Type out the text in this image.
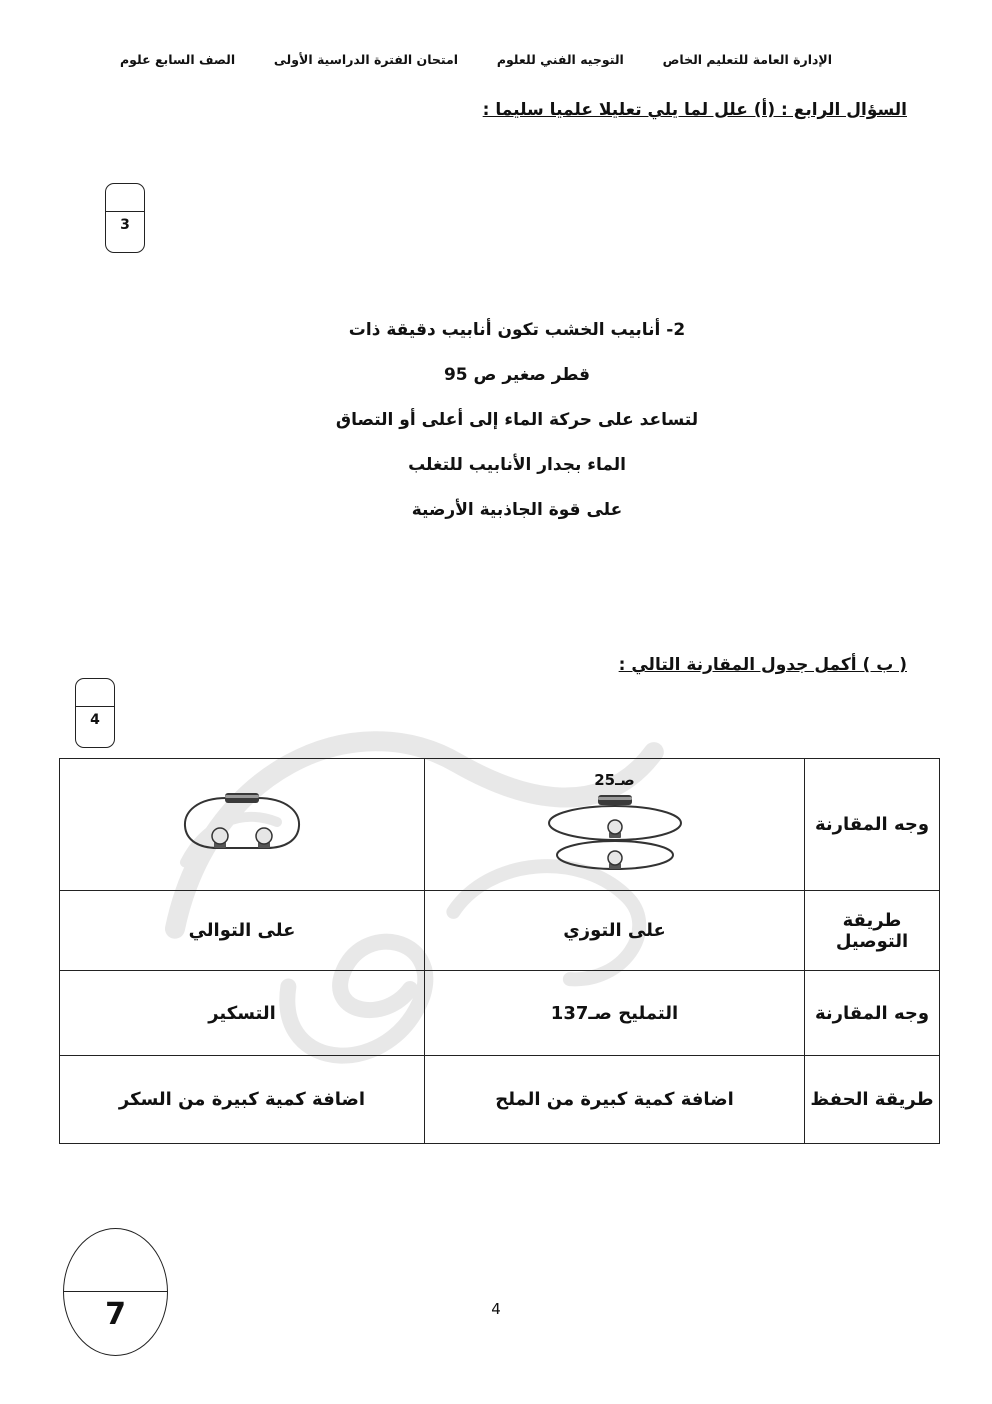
الإدارة العامة للتعليم الخاص
التوجيه الفني للعلوم
امتحان الفترة الدراسية الأولى
الصف السابع علوم
السؤال الرابع : (أ) علل لما يلي تعليلا علميا سليما :
3
2- أنابيب الخشب تكون أنابيب دقيقة ذات قطر صغير ص 95
لتساعد على حركة الماء إلى أعلى أو التصاق الماء بجدار الأنابيب للتغلب
على قوة الجاذبية الأرضية
( ب ) أكمل جدول المقارنة التالي :
4
وجه المقارنة	صـ25

طريقة التوصيل	على التوزي	على التوالي
وجه المقارنة	التمليح صـ137	التسكير
طريقة الحفظ	اضافة كمية كبيرة من الملح	اضافة كمية كبيرة من السكر
7	4
